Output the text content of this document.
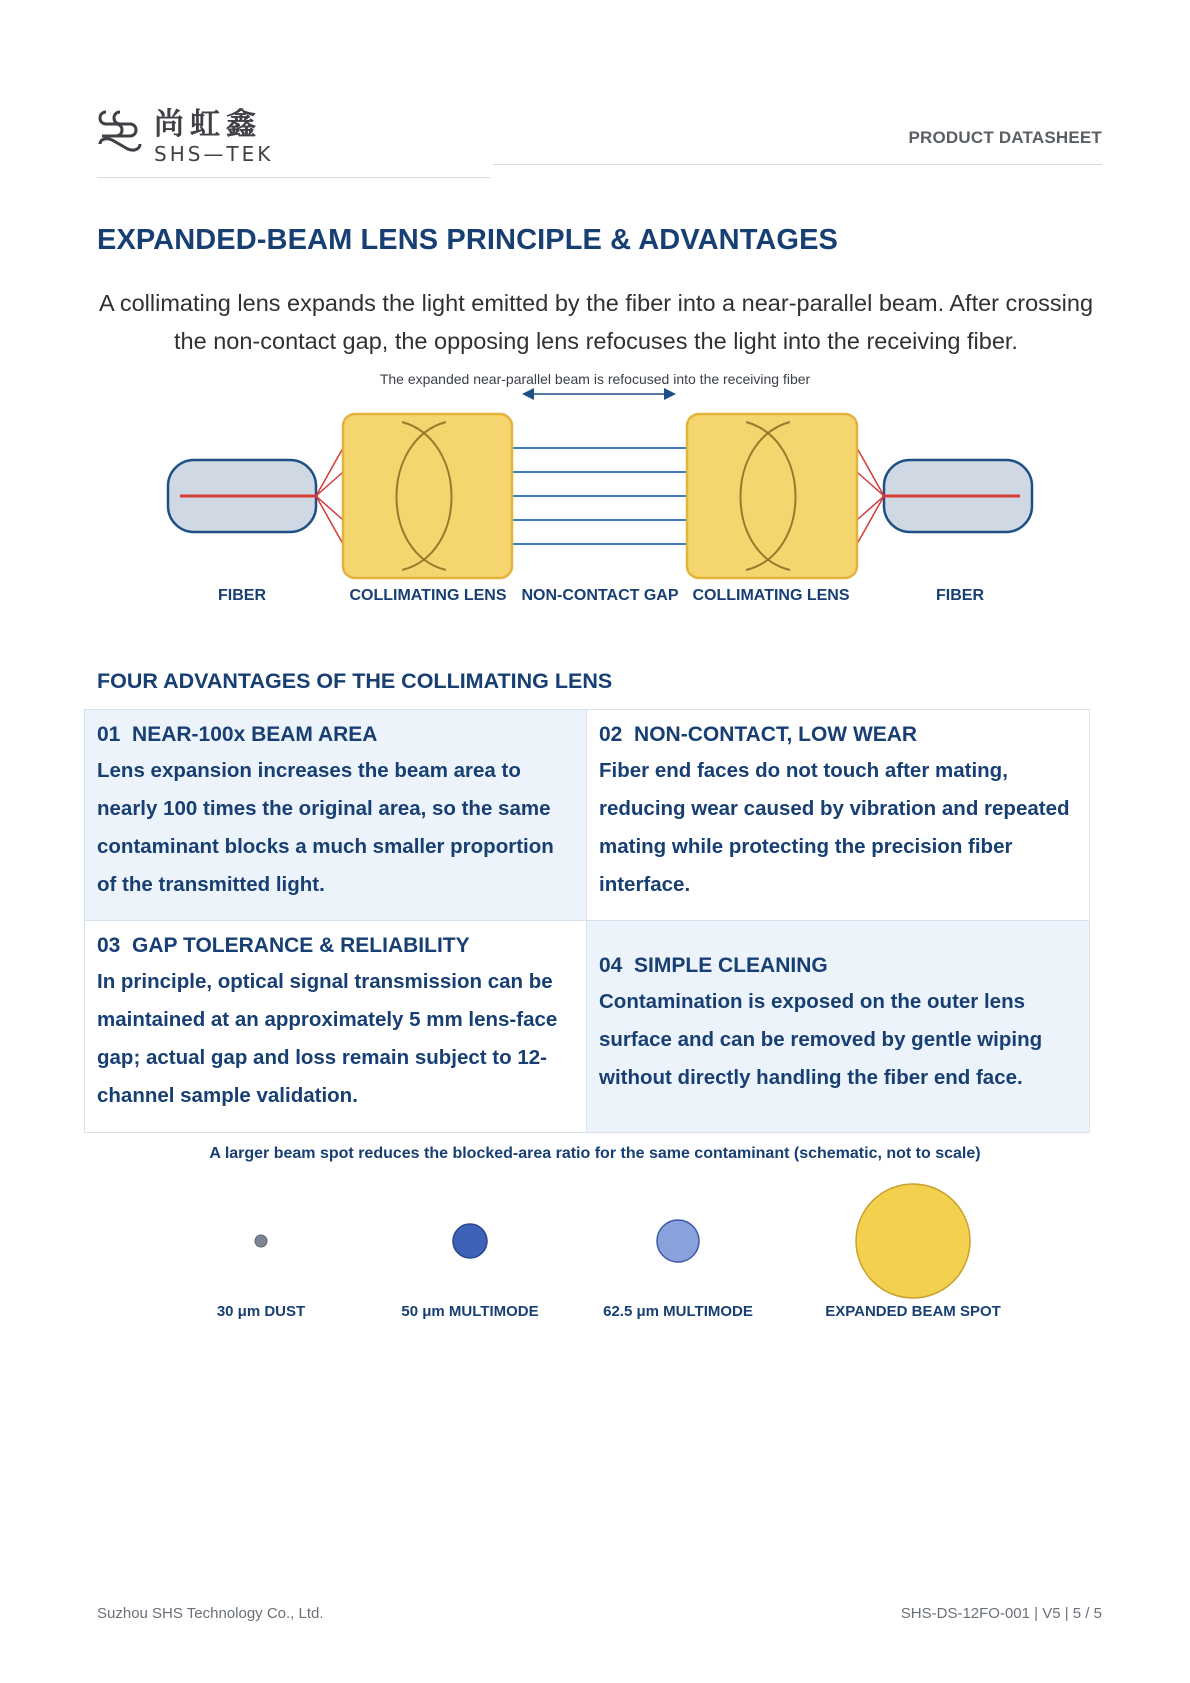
尚虹鑫
SHS—TEK
PRODUCT DATASHEET
EXPANDED-BEAM LENS PRINCIPLE & ADVANTAGES
A collimating lens expands the light emitted by the fiber into a near-parallel beam. After crossing the non-contact gap, the opposing lens refocuses the light into the receiving fiber.
The expanded near-parallel beam is refocused into the receiving fiber
FIBER	COLLIMATING LENS NON-CONTACT GAP COLLIMATING LENS	FIBER
FOUR ADVANTAGES OF THE COLLIMATING LENS
01 NEAR-100x BEAM AREA
Lens expansion increases the beam area to nearly 100 times the original area, so the same contaminant blocks a much smaller proportion of the transmitted light.
02 NON-CONTACT, LOW WEAR
Fiber end faces do not touch after mating, reducing wear caused by vibration and repeated mating while protecting the precision fiber interface.
03 GAP TOLERANCE & RELIABILITY
In principle, optical signal transmission can be maintained at an approximately 5 mm lens-face gap; actual gap and loss remain subject to 12-channel sample validation.
04 SIMPLE CLEANING
Contamination is exposed on the outer lens surface and can be removed by gentle wiping without directly handling the fiber end face.
A larger beam spot reduces the blocked-area ratio for the same contaminant (schematic, not to scale)
30 μm DUST	50 μm MULTIMODE	62.5 μm MULTIMODE	EXPANDED BEAM SPOT
Suzhou SHS Technology Co., Ltd.	SHS-DS-12FO-001 | V5 | 5 / 5
